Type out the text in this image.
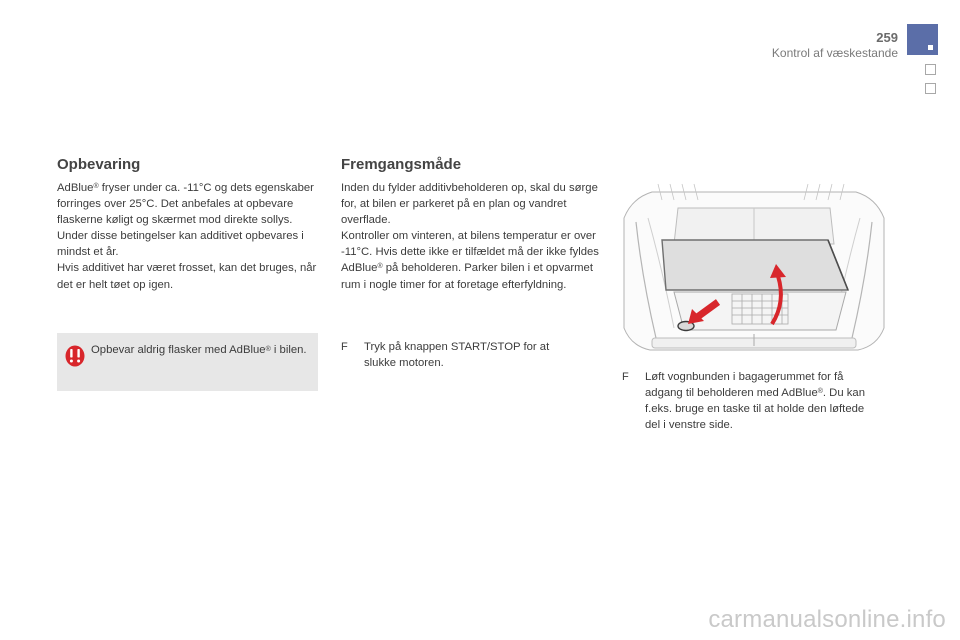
259
Kontrol af væskestande
Opbevaring

AdBlue® fryser under ca. -11°C og dets egenskaber forringes over 25°C. Det anbefales at opbevare flaskerne køligt og skærmet mod direkte sollys.

Under disse betingelser kan additivet opbevares i mindst et år.

Hvis additivet har været frosset, kan det bruges, når det er helt tøet op igen.

Opbevar aldrig flasker med AdBlue® i bilen.

Fremgangsmåde

Inden du fylder additivbeholderen op, skal du sørge for, at bilen er parkeret på en plan og vandret overflade.

Kontroller om vinteren, at bilens temperatur er over -11°C. Hvis dette ikke er tilfældet må der ikke fyldes AdBlue® på beholderen. Parker bilen i et opvarmet rum i nogle timer for at foretage efterfyldning.

F Tryk på knappen START/STOP for at slukke motoren.
F Løft vognbunden i bagagerummet for få adgang til beholderen med AdBlue®. Du kan f.eks. bruge en taske til at holde den løftede del i venstre side.
carmanualsonline.info
